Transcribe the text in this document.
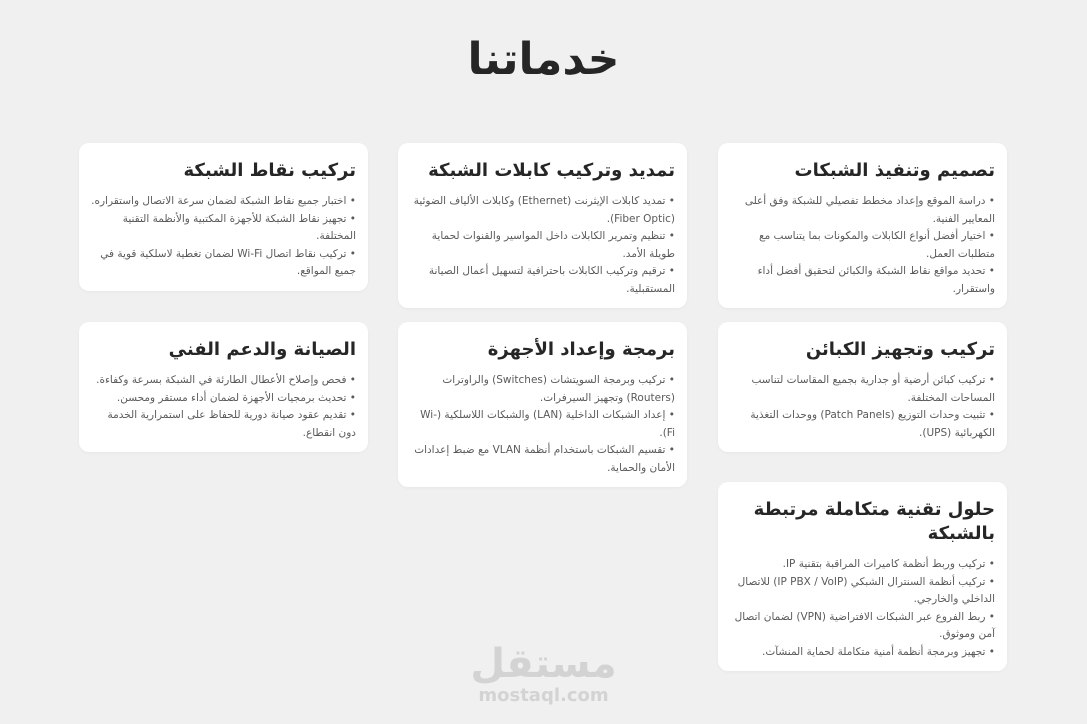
خدماتنا
تصميم وتنفيذ الشبكات
• دراسة الموقع وإعداد مخطط تفصيلي للشبكة وفق أعلى المعايير الفنية.
• اختيار أفضل أنواع الكابلات والمكونات بما يتناسب مع متطلبات العمل.
• تحديد مواقع نقاط الشبكة والكبائن لتحقيق أفضل أداء واستقرار.
تمديد وتركيب كابلات الشبكة
• تمديد كابلات الإيثرنت (Ethernet) وكابلات الألياف الضوئية (Fiber Optic).
• تنظيم وتمرير الكابلات داخل المواسير والقنوات لحماية طويلة الأمد.
• ترقيم وتركيب الكابلات باحترافية لتسهيل أعمال الصيانة المستقبلية.
تركيب نقاط الشبكة
• اختبار جميع نقاط الشبكة لضمان سرعة الاتصال واستقراره.
• تجهيز نقاط الشبكة للأجهزة المكتبية والأنظمة التقنية المختلفة.
• تركيب نقاط اتصال Wi-Fi لضمان تغطية لاسلكية قوية في جميع المواقع.
تركيب وتجهيز الكبائن
• تركيب كبائن أرضية أو جدارية بجميع المقاسات لتناسب المساحات المختلفة.
• تثبيت وحدات التوزيع (Patch Panels) ووحدات التغذية الكهربائية (UPS).
برمجة وإعداد الأجهزة
• تركيب وبرمجة السويتشات (Switches) والراوترات (Routers) وتجهيز السيرفرات.
• إعداد الشبكات الداخلية (LAN) والشبكات اللاسلكية (Wi-Fi).
• تقسيم الشبكات باستخدام أنظمة VLAN مع ضبط إعدادات الأمان والحماية.
الصيانة والدعم الفني
• فحص وإصلاح الأعطال الطارئة في الشبكة بسرعة وكفاءة.
• تحديث برمجيات الأجهزة لضمان أداء مستقر ومحسن.
• تقديم عقود صيانة دورية للحفاظ على استمرارية الخدمة دون انقطاع.
حلول تقنية متكاملة مرتبطة بالشبكة
• تركيب وربط أنظمة كاميرات المراقبة بتقنية IP.
• تركيب أنظمة السنترال الشبكي (IP PBX / VoIP) للاتصال الداخلي والخارجي.
• ربط الفروع عبر الشبكات الافتراضية (VPN) لضمان اتصال آمن وموثوق.
• تجهيز وبرمجة أنظمة أمنية متكاملة لحماية المنشآت.
مستقل
mostaql.com
